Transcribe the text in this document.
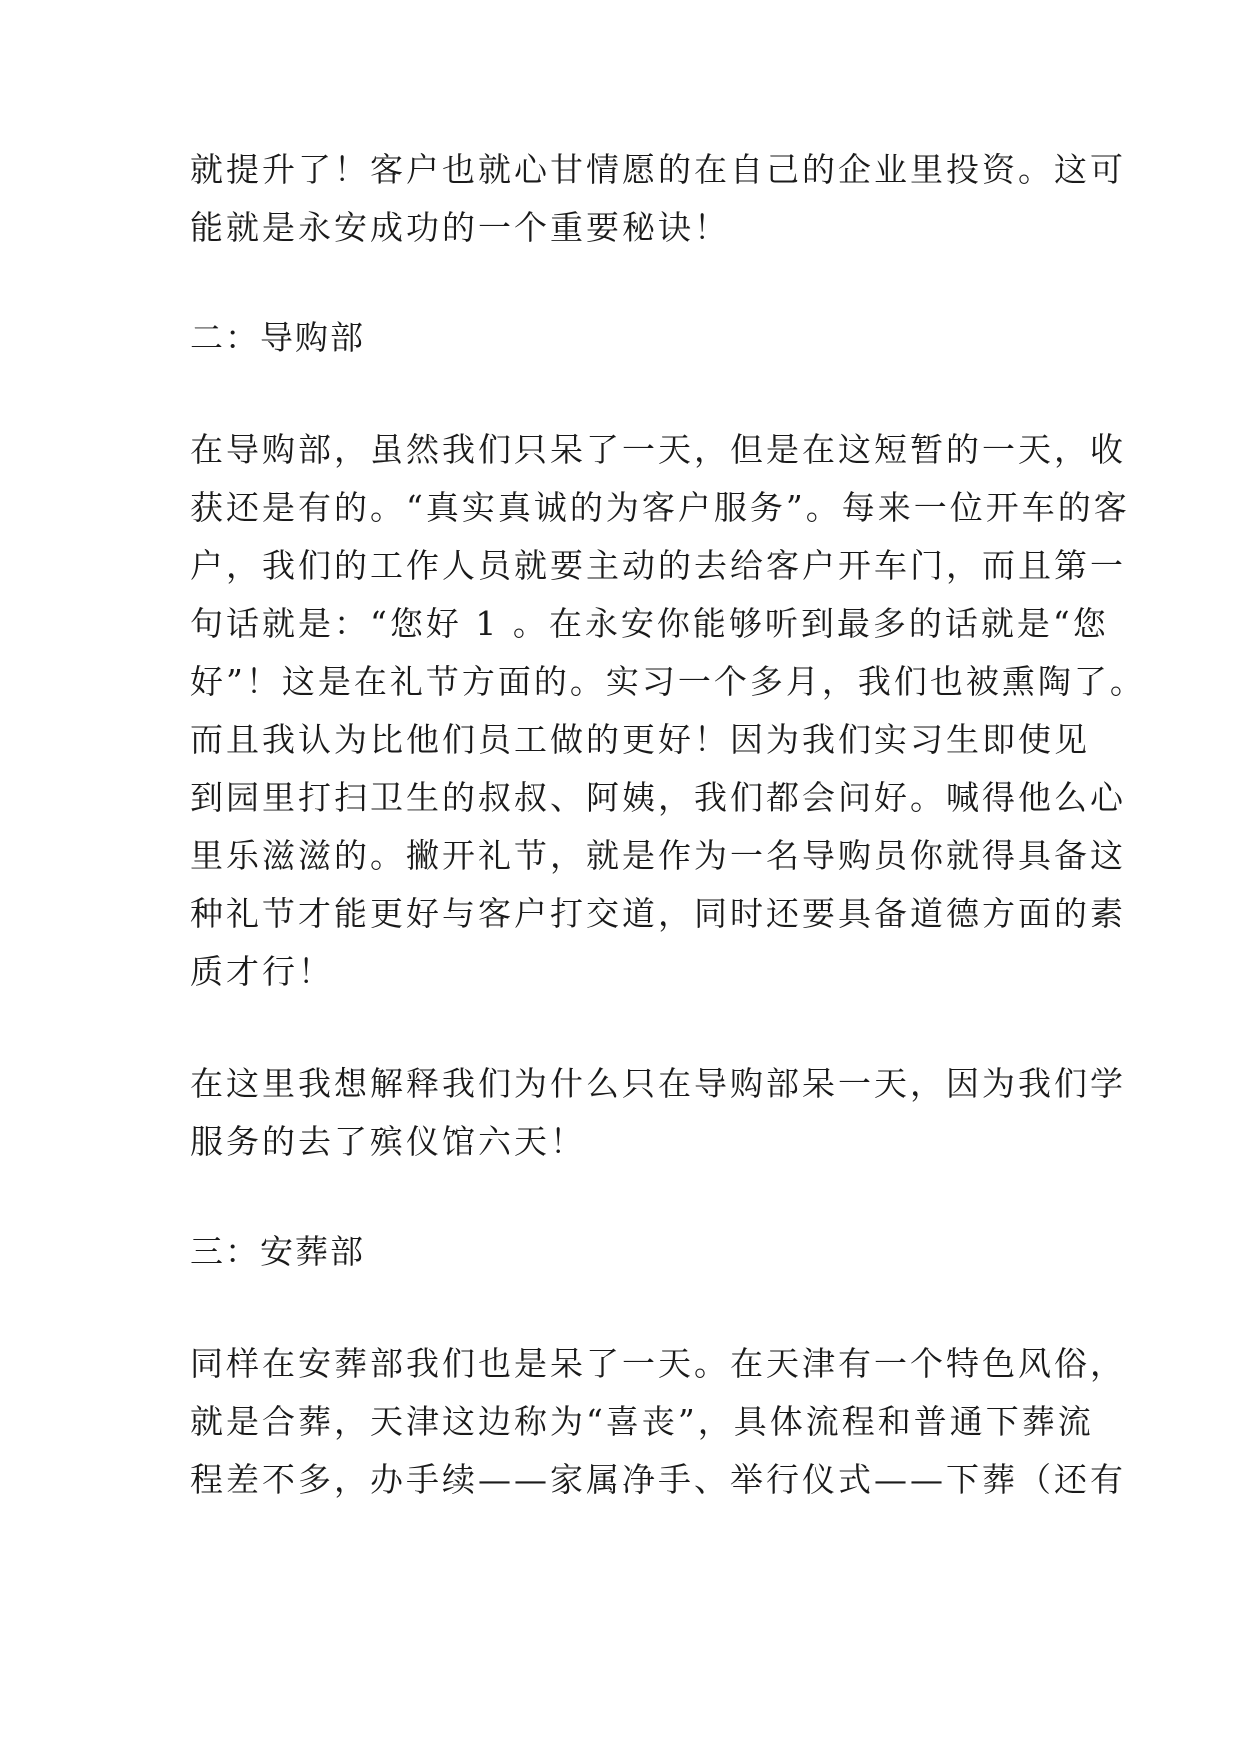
就提升了！客户也就心甘情愿的在自己的企业里投资。这可
能就是永安成功的一个重要秘诀！
二：导购部
在导购部，虽然我们只呆了一天，但是在这短暂的一天，收
获还是有的。“真实真诚的为客户服务”。每来一位开车的客
户，我们的工作人员就要主动的去给客户开车门，而且第一
句话就是：“您好 1 。在永安你能够听到最多的话就是“您
好”！这是在礼节方面的。实习一个多月，我们也被熏陶了。
而且我认为比他们员工做的更好！因为我们实习生即使见
到园里打扫卫生的叔叔、阿姨，我们都会问好。喊得他么心
里乐滋滋的。撇开礼节，就是作为一名导购员你就得具备这
种礼节才能更好与客户打交道，同时还要具备道德方面的素
质才行！
在这里我想解释我们为什么只在导购部呆一天，因为我们学
服务的去了殡仪馆六天！
三：安葬部
同样在安葬部我们也是呆了一天。在天津有一个特色风俗，
就是合葬，天津这边称为“喜丧”，具体流程和普通下葬流
程差不多，办手续——家属净手、举行仪式——下葬（还有
